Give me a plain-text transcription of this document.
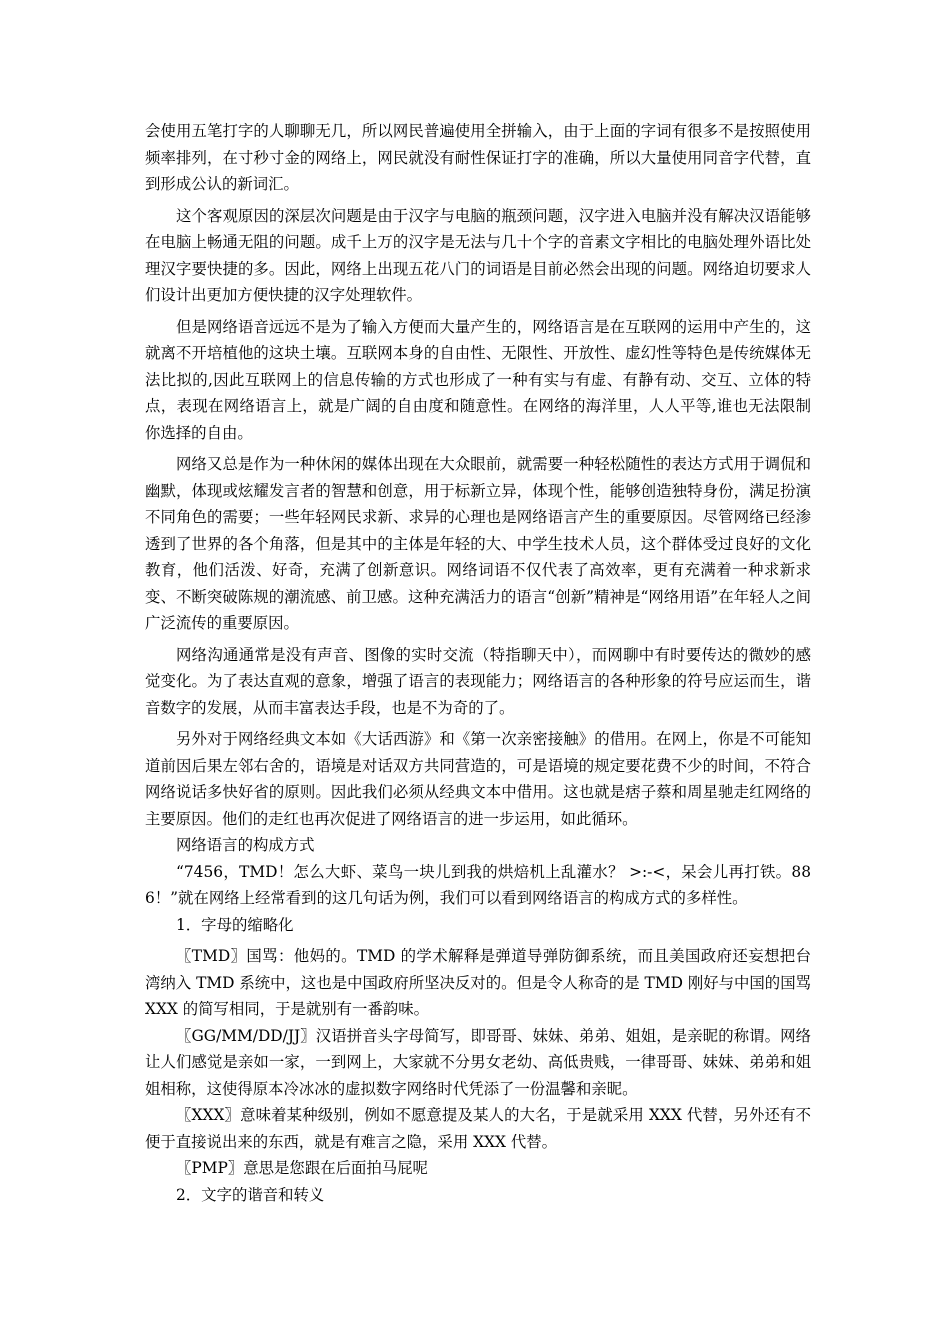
会使用五笔打字的人聊聊无几，所以网民普遍使用全拼输入，由于上面的字词有很多不是按照使用频率排列，在寸秒寸金的网络上，网民就没有耐性保证打字的准确，所以大量使用同音字代替，直到形成公认的新词汇。

这个客观原因的深层次问题是由于汉字与电脑的瓶颈问题，汉字进入电脑并没有解决汉语能够在电脑上畅通无阻的问题。成千上万的汉字是无法与几十个字的音素文字相比的电脑处理外语比处理汉字要快捷的多。因此，网络上出现五花八门的词语是目前必然会出现的问题。网络迫切要求人们设计出更加方便快捷的汉字处理软件。

但是网络语音远远不是为了输入方便而大量产生的，网络语言是在互联网的运用中产生的，这就离不开培植他的这块土壤。互联网本身的自由性、无限性、开放性、虚幻性等特色是传统媒体无法比拟的,因此互联网上的信息传输的方式也形成了一种有实与有虚、有静有动、交互、立体的特点，表现在网络语言上，就是广阔的自由度和随意性。在网络的海洋里，人人平等,谁也无法限制你选择的自由。

网络又总是作为一种休闲的媒体出现在大众眼前，就需要一种轻松随性的表达方式用于调侃和幽默，体现或炫耀发言者的智慧和创意，用于标新立异，体现个性，能够创造独特身份，满足扮演不同角色的需要；一些年轻网民求新、求异的心理也是网络语言产生的重要原因。尽管网络已经渗透到了世界的各个角落，但是其中的主体是年轻的大、中学生技术人员，这个群体受过良好的文化教育，他们活泼、好奇，充满了创新意识。网络词语不仅代表了高效率，更有充满着一种求新求变、不断突破陈规的潮流感、前卫感。这种充满活力的语言“创新”精神是“网络用语”在年轻人之间广泛流传的重要原因。

网络沟通通常是没有声音、图像的实时交流（特指聊天中），而网聊中有时要传达的微妙的感觉变化。为了表达直观的意象，增强了语言的表现能力；网络语言的各种形象的符号应运而生，谐音数字的发展，从而丰富表达手段，也是不为奇的了。

另外对于网络经典文本如《大话西游》和《第一次亲密接触》的借用。在网上，你是不可能知道前因后果左邻右舍的，语境是对话双方共同营造的，可是语境的规定要花费不少的时间，不符合网络说话多快好省的原则。因此我们必须从经典文本中借用。这也就是痞子蔡和周星驰走红网络的主要原因。他们的走红也再次促进了网络语言的进一步运用，如此循环。

网络语言的构成方式

“7456，TMD！怎么大虾、菜鸟一块儿到我的烘焙机上乱灌水？ >:-<，呆会儿再打铁。886！”就在网络上经常看到的这几句话为例，我们可以看到网络语言的构成方式的多样性。

1．字母的缩略化

〖TMD〗国骂：他妈的。TMD 的学术解释是弹道导弹防御系统，而且美国政府还妄想把台湾纳入 TMD 系统中，这也是中国政府所坚决反对的。但是令人称奇的是 TMD 刚好与中国的国骂 XXX 的简写相同，于是就别有一番韵味。

〖GG/MM/DD/JJ〗汉语拼音头字母简写，即哥哥、妹妹、弟弟、姐姐，是亲昵的称谓。网络让人们感觉是亲如一家，一到网上，大家就不分男女老幼、高低贵贱，一律哥哥、妹妹、弟弟和姐姐相称，这使得原本冷冰冰的虚拟数字网络时代凭添了一份温馨和亲昵。

〖XXX〗意味着某种级别，例如不愿意提及某人的大名，于是就采用 XXX 代替，另外还有不便于直接说出来的东西，就是有难言之隐，采用 XXX 代替。

〖PMP〗意思是您跟在后面拍马屁呢

2．文字的谐音和转义
